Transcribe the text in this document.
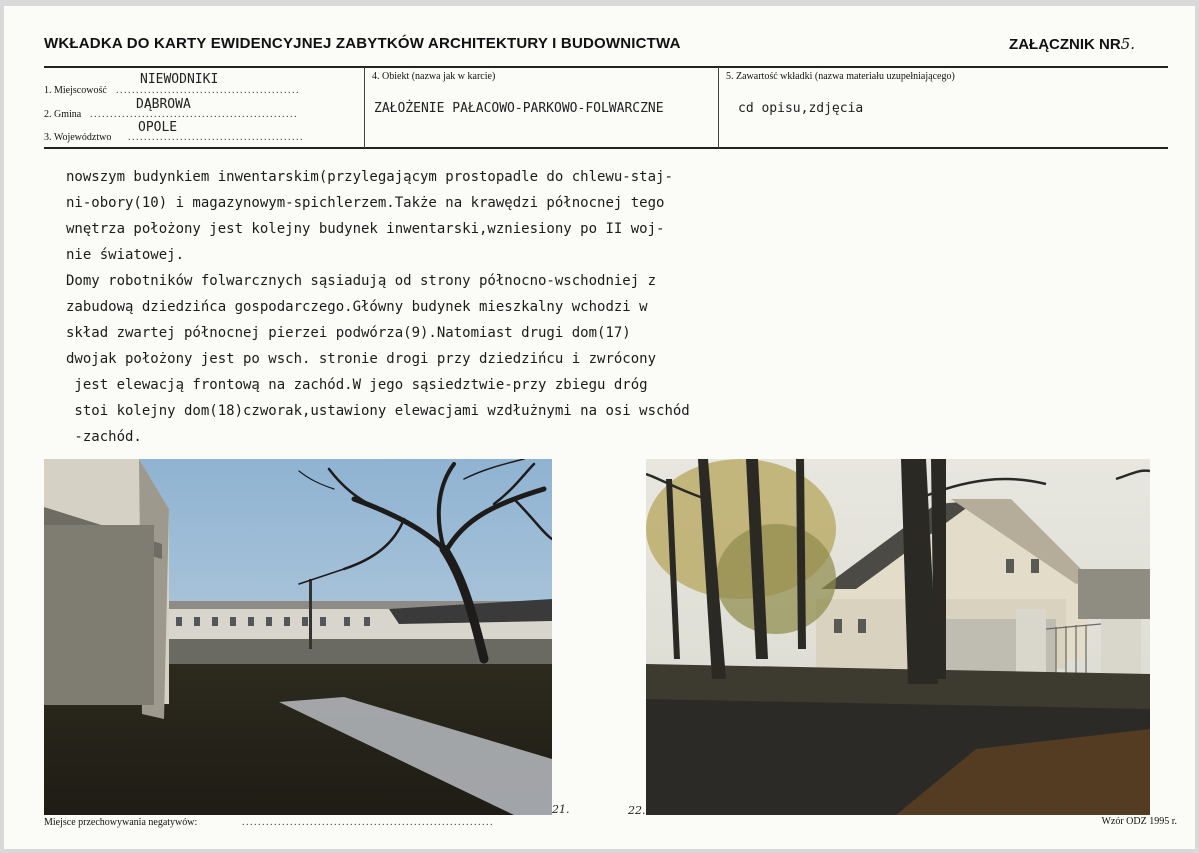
WKŁADKA DO KARTY EWIDENCYJNEJ ZABYTKÓW ARCHITEKTURY I BUDOWNICTWA	ZAŁĄCZNIK NR5.
1. Miejscowość ..............................................
NIEWODNIKI
2. Gmina ....................................................
DĄBROWA
3. Województwo ............................................
OPOLE
4. Obiekt (nazwa jak w karcie)
ZAŁOŻENIE PAŁACOWO-PARKOWO-FOLWARCZNE
5. Zawartość wkładki (nazwa materiału uzupełniającego)
cd opisu,zdjęcia
nowszym budynkiem inwentarskim(przylegającym prostopadle do chlewu-staj-
ni-obory(10) i magazynowym-spichlerzem.Także na krawędzi północnej tego
wnętrza położony jest kolejny budynek inwentarski,wzniesiony po II woj-
nie światowej.
Domy robotników folwarcznych sąsiadują od strony północno-wschodniej z
zabudową dziedzińca gospodarczego.Główny budynek mieszkalny wchodzi w
skład zwartej północnej pierzei podwórza(9).Natomiast drugi dom(17)
dwojak położony jest po wsch. stronie drogi przy dziedzińcu i zwrócony
jest elewacją frontową na zachód.W jego sąsiedztwie-przy zbiegu dróg
stoi kolejny dom(18)czworak,ustawiony elewacjami wzdłużnymi na osi wschód
-zachód.
21.	22.
Miejsce przechowywania negatywów:	...............................................................	Wzór ODZ 1995 r.
